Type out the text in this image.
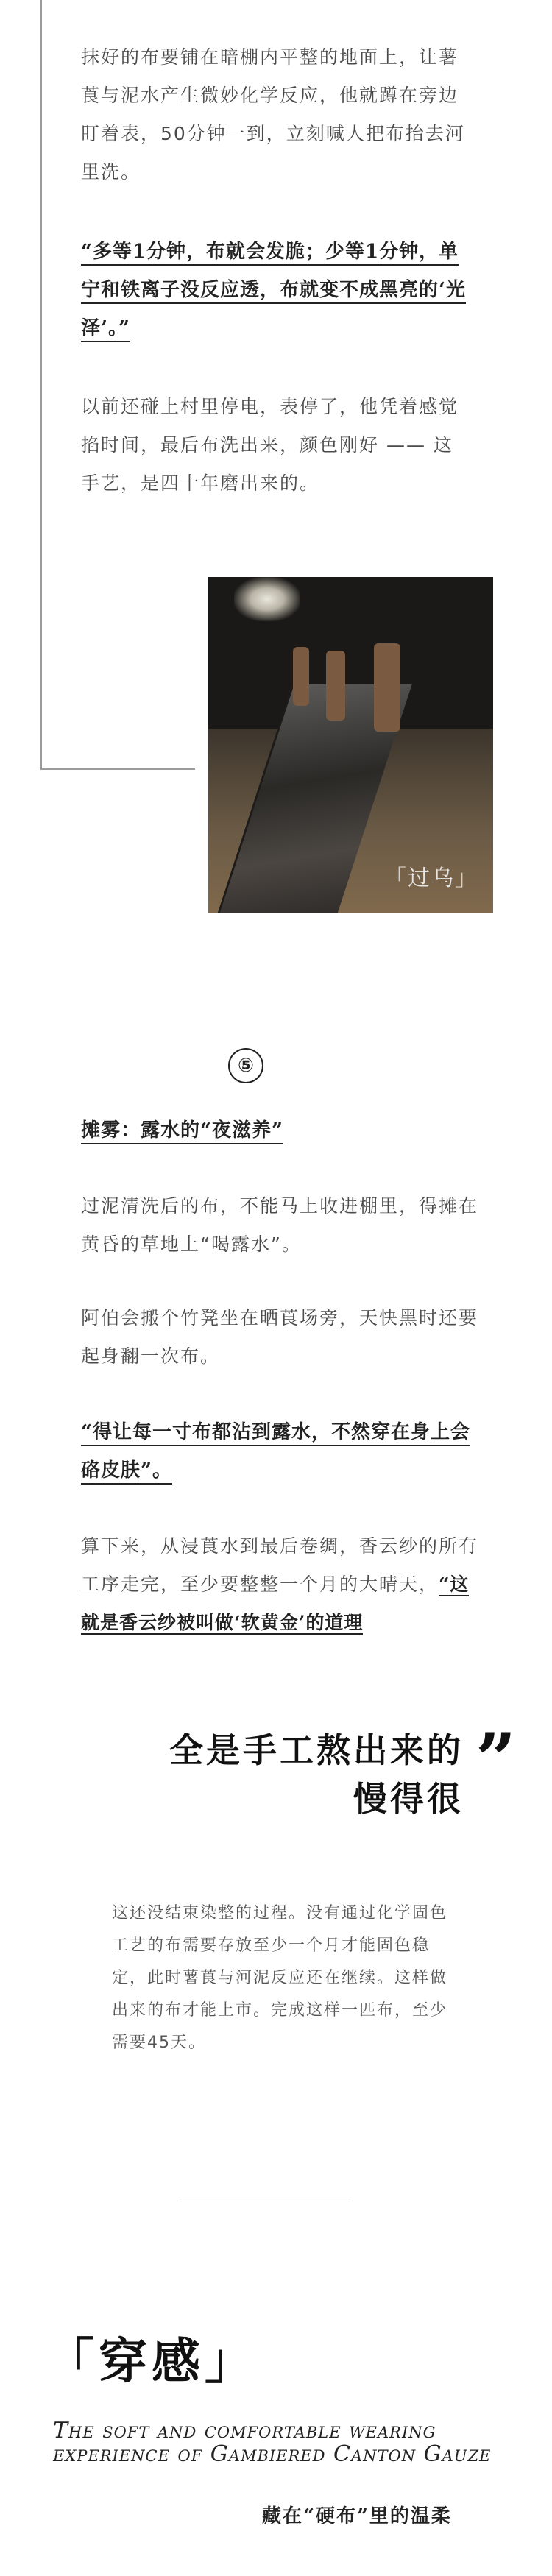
抹好的布要铺在暗棚内平整的地面上，让薯莨与泥水产生微妙化学反应，他就蹲在旁边盯着表，50分钟一到，立刻喊人把布抬去河里洗。

“多等1分钟，布就会发脆；少等1分钟，单宁和铁离子没反应透，布就变不成黑亮的‘光泽’。”

以前还碰上村里停电，表停了，他凭着感觉掐时间，最后布洗出来，颜色刚好 —— 这手艺，是四十年磨出来的。

「过乌」
⑤

摊雾：露水的“夜滋养”

过泥清洗后的布，不能马上收进棚里，得摊在黄昏的草地上“喝露水”。

阿伯会搬个竹凳坐在晒莨场旁，天快黑时还要起身翻一次布。

“得让每一寸布都沾到露水，不然穿在身上会硌皮肤”。

算下来，从浸莨水到最后卷绸，香云纱的所有工序走完，至少要整整一个月的大晴天，“这就是香云纱被叫做‘软黄金’的道理

全是手工熬出来的

慢得很 ”

这还没结束染整的过程。没有通过化学固色工艺的布需要存放至少一个月才能固色稳定，此时薯莨与河泥反应还在继续。这样做出来的布才能上市。完成这样一匹布，至少需要45天。

「穿感」

The soft and comfortable wearing experience of Gambiered Canton Gauze

藏在“硬布”里的温柔
